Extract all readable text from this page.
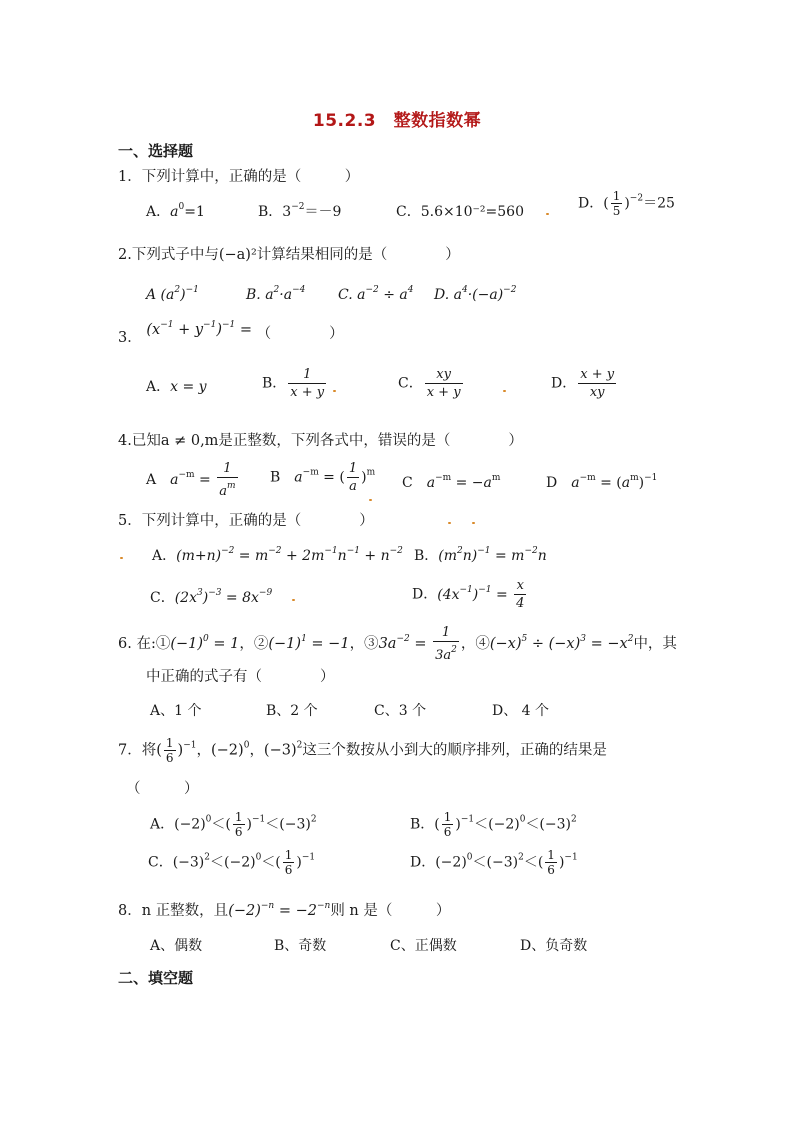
15.2.3　整数指数幂
一、选择题
1．下列计算中，正确的是（　　　）
A．$a^0=1$	B．$3^{-2}=-9$	C．5.6×10⁻²=560
D．( $\frac{1}{5} )^{-2}=25$
2.下列式子中与(−a)²计算结果相同的是（　　　　）
A $(a^2)^{-1}$	B. $a^2\cdot a^{-4}$ C. $a^{-2} \div a^4$ D. $a^4\cdot(-a)^{-2}$
3． $(x^{-1} + y^{-1})^{-1}$ = （　　　　）
A．x = y	B． $\frac{1}{x + y}$	C． $\frac{xy}{x + y}$	D． $\frac{x + y}{xy}$
4.已知a ≠ 0,m是正整数，下列各式中，错误的是（　　　　）
A　$a^{-m} = \frac{1}{a^m}$ B　$a^{-m}$ = ( $\frac{1}{a} )^m$
C　$a^{-m} = -a^m$	D　$a^{-m} = (a^m)^{-1}$
5．下列计算中，正确的是（　　　　）
A．$(m+n)^{-2} = m^{-2} + 2m^{-1}n^{-1} + n^{-2}$ B．$(m^2n)^{-1} = m^{-2}n$
C．$(2x^3)^{-3} = 8x^{-9}$	D．$(4x^{-1})^{-1} = \frac{x}{4}$
6. 在$:①(-1)^0 = 1$，$②(-1)^1 = -1$，$③3a^{-2} = \frac{1}{3a^2}$ ，$④(-x)^5 \div (-x)^3 = -x^2$中，其
中正确的式子有（　　　　）
A、1 个	B、2 个	C、3 个	D、 4 个
7．将( $\frac{1}{6} )^{-1}$，$(-2)^0$，$(-3)^2$这三个数按从小到大的顺序排列，正确的结果是
（　　　）
A．$(-2)^0<( \frac{1}{6} )^{-1}<(-3)^2$	B．( $\frac{1}{6} )^{-1}<(-2)^0<(-3)^2$
C．$(-3)^2<(-2)^0<( \frac{1}{6} )^{-1}$	D．$(-2)^0<(-3)^2<( \frac{1}{6} )^{-1}$
8．n 正整数，且$(-2)^{-n} = -2^{-n}$则 n 是（　　　）
A、偶数	B、奇数	C、正偶数	D、负奇数
二、填空题
